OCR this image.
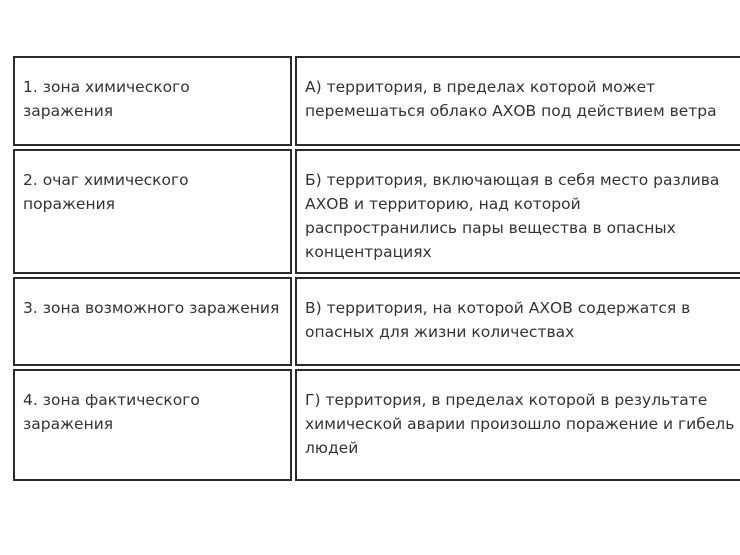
1. зона химического заражения	А) территория, в пределах которой может перемешаться облако АХОВ под действием ветра
2. очаг химического поражения	Б) территория, включающая в себя место разлива АХОВ и территорию, над которой распространились пары вещества в опасных концентрациях
3. зона возможного заражения	В) территория, на которой АХОВ содержатся в опасных для жизни количествах
4. зона фактического заражения	Г) территория, в пределах которой в результате химической аварии произошло поражение и гибель людей
